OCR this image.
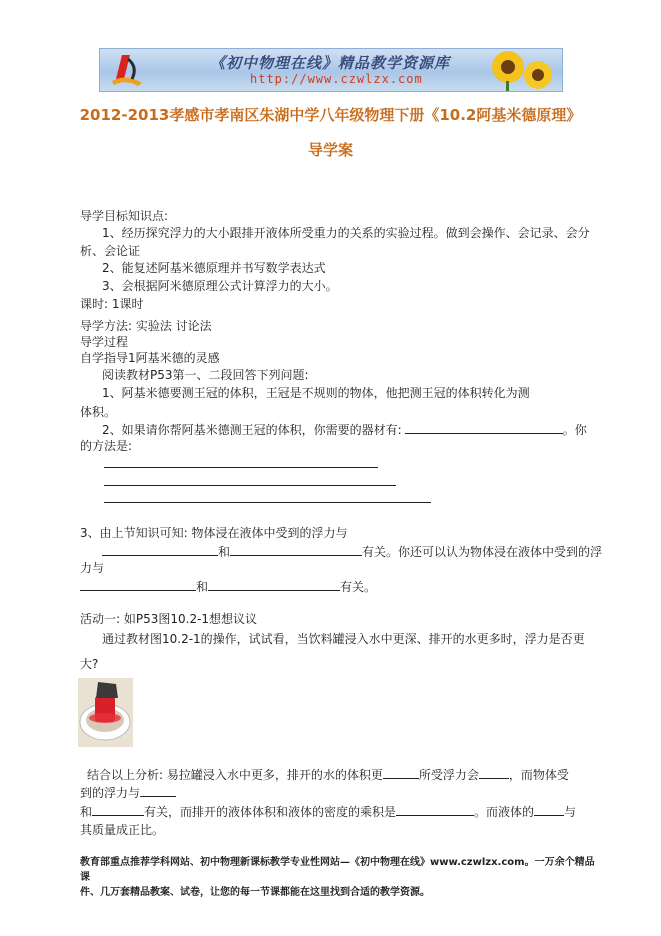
《初中物理在线》精品教学资源库
http://www.czwlzx.com
2012-2013孝感市孝南区朱湖中学八年级物理下册《10.2阿基米德原理》
导学案
导学目标知识点:
1、经历探究浮力的大小跟排开液体所受重力的关系的实验过程。做到会操作、会记录、会分
析、会论证
2、能复述阿基米德原理并书写数学表达式
3、会根据阿米德原理公式计算浮力的大小。
课时: 1课时
导学方法: 实验法 讨论法
导学过程
自学指导1阿基米德的灵感
阅读教材P53第一、二段回答下列问题:
1、阿基米德要测王冠的体积，王冠是不规则的物体，他把测王冠的体积转化为测
体积。
2、如果请你帮阿基米德测王冠的体积，你需要的器材有:	。你
的方法是:
3、由上节知识可知: 物体浸在液体中受到的浮力与
和	有关。你还可以认为物体浸在液体中受到的浮
力与
和	有关。
活动一: 如P53图10.2-1想想议议
通过教材图10.2-1的操作，试试看，当饮料罐浸入水中更深、排开的水更多时，浮力是否更
大?
结合以上分析: 易拉罐浸入水中更多，排开的水的体积更	所受浮力会	，而物体受
到的浮力与
和	有关，而排开的液体体积和液体的密度的乘积是	。而液体的	与
其质量成正比。
教育部重点推荐学科网站、初中物理新课标教学专业性网站—《初中物理在线》www.czwlzx.com。一万余个精品课
件、几万套精品教案、试卷，让您的每一节课都能在这里找到合适的教学资源。
